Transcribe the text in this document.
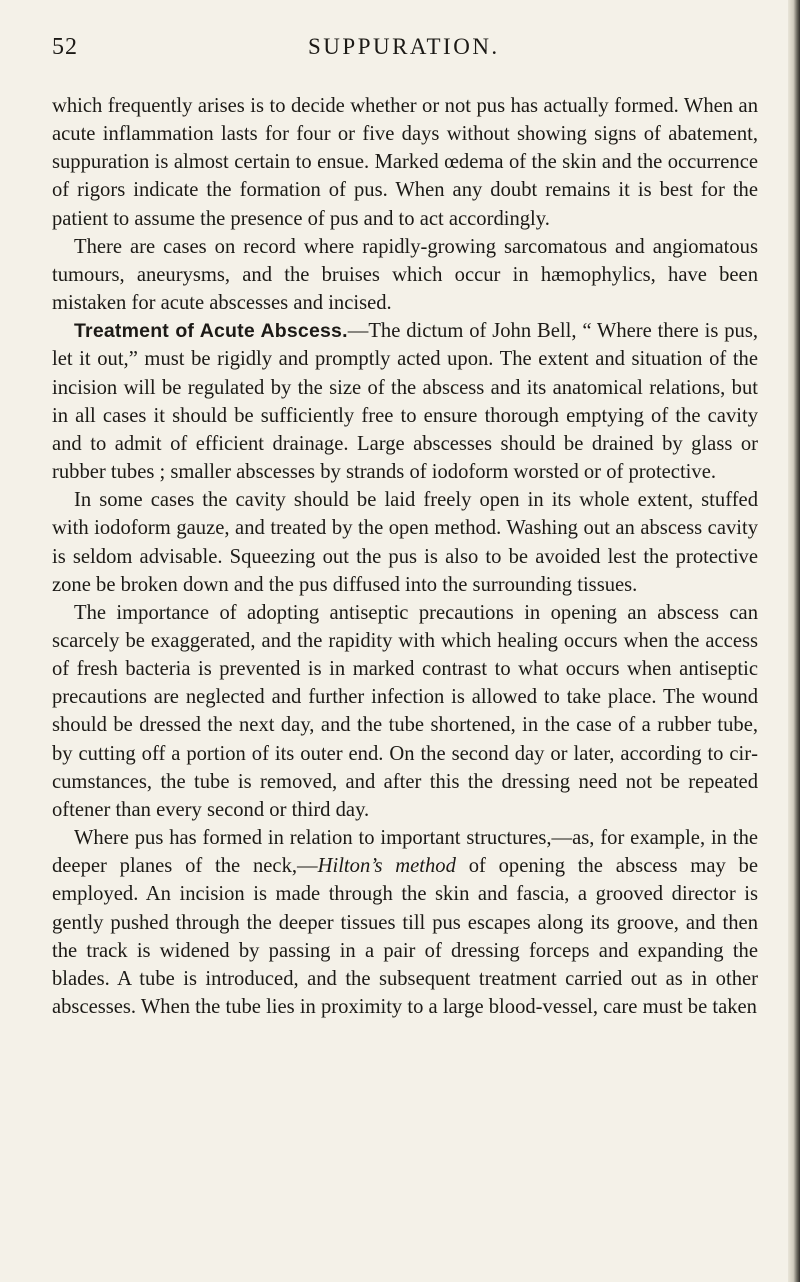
52	SUPPURATION.

which frequently arises is to decide whether or not pus has actually formed. When an acute inflammation lasts for four or five days without showing signs of abatement, suppuration is almost certain to ensue. Marked œdema of the skin and the occurrence of rigors indicate the formation of pus. When any doubt remains it is best for the patient to assume the presence of pus and to act accordingly.

There are cases on record where rapidly-growing sarcomatous and angiomatous tumours, aneurysms, and the bruises which occur in hæmophylics, have been mistaken for acute abscesses and incised.

Treatment of Acute Abscess.—The dictum of John Bell, “ Where there is pus, let it out,” must be rigidly and promptly acted upon. The extent and situation of the incision will be regulated by the size of the abscess and its anatomical relations, but in all cases it should be sufficiently free to ensure thorough emptying of the cavity and to admit of efficient drainage. Large abscesses should be drained by glass or rubber tubes ; smaller abscesses by strands of iodoform worsted or of protective.

In some cases the cavity should be laid freely open in its whole extent, stuffed with iodoform gauze, and treated by the open method. Washing out an abscess cavity is seldom advisable. Squeezing out the pus is also to be avoided lest the protective zone be broken down and the pus diffused into the surrounding tissues.

The importance of adopting antiseptic precautions in opening an abscess can scarcely be exaggerated, and the rapidity with which healing occurs when the access of fresh bacteria is prevented is in marked contrast to what occurs when antiseptic precautions are neglected and further infection is allowed to take place. The wound should be dressed the next day, and the tube shortened, in the case of a rubber tube, by cutting off a portion of its outer end. On the second day or later, according to circumstances, the tube is removed, and after this the dressing need not be repeated oftener than every second or third day.

Where pus has formed in relation to important structures,—as, for example, in the deeper planes of the neck,—Hilton’s method of opening the abscess may be employed. An incision is made through the skin and fascia, a grooved director is gently pushed through the deeper tissues till pus escapes along its groove, and then the track is widened by passing in a pair of dressing forceps and expanding the blades. A tube is introduced, and the subsequent treatment carried out as in other abscesses. When the tube lies in proximity to a large blood-vessel, care must be taken
